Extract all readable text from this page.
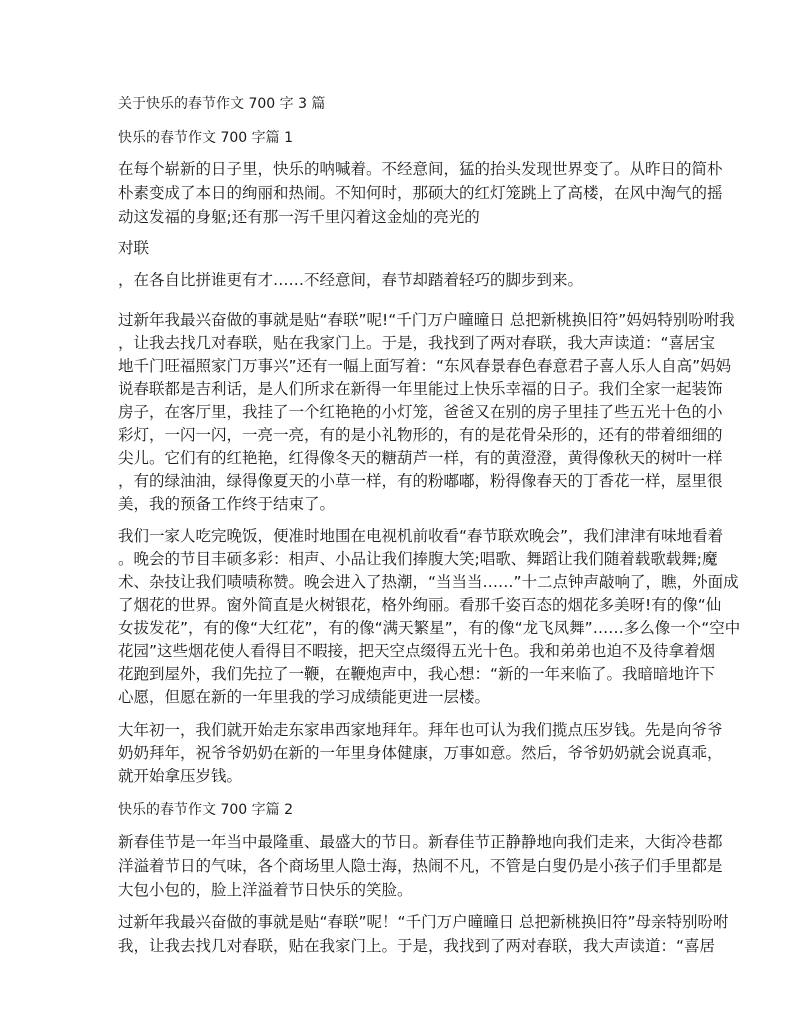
关于快乐的春节作文 700 字 3 篇
快乐的春节作文 700 字篇 1
在每个崭新的日子里，快乐的呐喊着。不经意间，猛的抬头发现世界变了。从昨日的简朴
朴素变成了本日的绚丽和热闹。不知何时，那硕大的红灯笼跳上了高楼，在风中淘气的摇
动这发福的身躯;还有那一泻千里闪着这金灿的亮光的
对联
，在各自比拼谁更有才……不经意间，春节却踏着轻巧的脚步到来。
过新年我最兴奋做的事就是贴“春联”呢!“千门万户曈曈日 总把新桃换旧符”妈妈特别吩咐我
，让我去找几对春联，贴在我家门上。于是，我找到了两对春联，我大声读道：“喜居宝
地千门旺福照家门万事兴”还有一幅上面写着：“东风春景春色春意君子喜人乐人自高”妈妈
说春联都是吉利话，是人们所求在新得一年里能过上快乐幸福的日子。我们全家一起装饰
房子，在客厅里，我挂了一个红艳艳的小灯笼，爸爸又在别的房子里挂了些五光十色的小
彩灯，一闪一闪，一亮一亮，有的是小礼物形的，有的是花骨朵形的，还有的带着细细的
尖儿。它们有的红艳艳，红得像冬天的糖葫芦一样，有的黄澄澄，黄得像秋天的树叶一样
，有的绿油油，绿得像夏天的小草一样，有的粉嘟嘟，粉得像春天的丁香花一样，屋里很
美，我的预备工作终于结束了。
我们一家人吃完晚饭，便准时地围在电视机前收看“春节联欢晚会”，我们津津有味地看着
。晚会的节目丰硕多彩：相声、小品让我们捧腹大笑;唱歌、舞蹈让我们随着载歌载舞;魔
术、杂技让我们啧啧称赞。晚会进入了热潮，“当当当……”十二点钟声敲响了，瞧，外面成
了烟花的世界。窗外简直是火树银花，格外绚丽。看那千姿百态的烟花多美呀!有的像“仙
女拔发花”，有的像“大红花”，有的像“满天繁星”，有的像“龙飞凤舞”……多么像一个“空中
花园”这些烟花使人看得目不暇接，把天空点缀得五光十色。我和弟弟也迫不及待拿着烟
花跑到屋外，我们先拉了一鞭，在鞭炮声中，我心想：“新的一年来临了。我暗暗地许下
心愿，但愿在新的一年里我的学习成绩能更进一层楼。
大年初一，我们就开始走东家串西家地拜年。拜年也可认为我们揽点压岁钱。先是向爷爷
奶奶拜年，祝爷爷奶奶在新的一年里身体健康，万事如意。然后，爷爷奶奶就会说真乖，
就开始拿压岁钱。
快乐的春节作文 700 字篇 2
新春佳节是一年当中最隆重、最盛大的节日。新春佳节正静静地向我们走来，大街冷巷都
洋溢着节日的气味，各个商场里人隐士海，热闹不凡，不管是白叟仍是小孩子们手里都是
大包小包的，脸上洋溢着节日快乐的笑脸。
过新年我最兴奋做的事就是贴“春联”呢！“千门万户曈曈日 总把新桃换旧符”母亲特别吩咐
我，让我去找几对春联，贴在我家门上。于是，我找到了两对春联，我大声读道：“喜居
